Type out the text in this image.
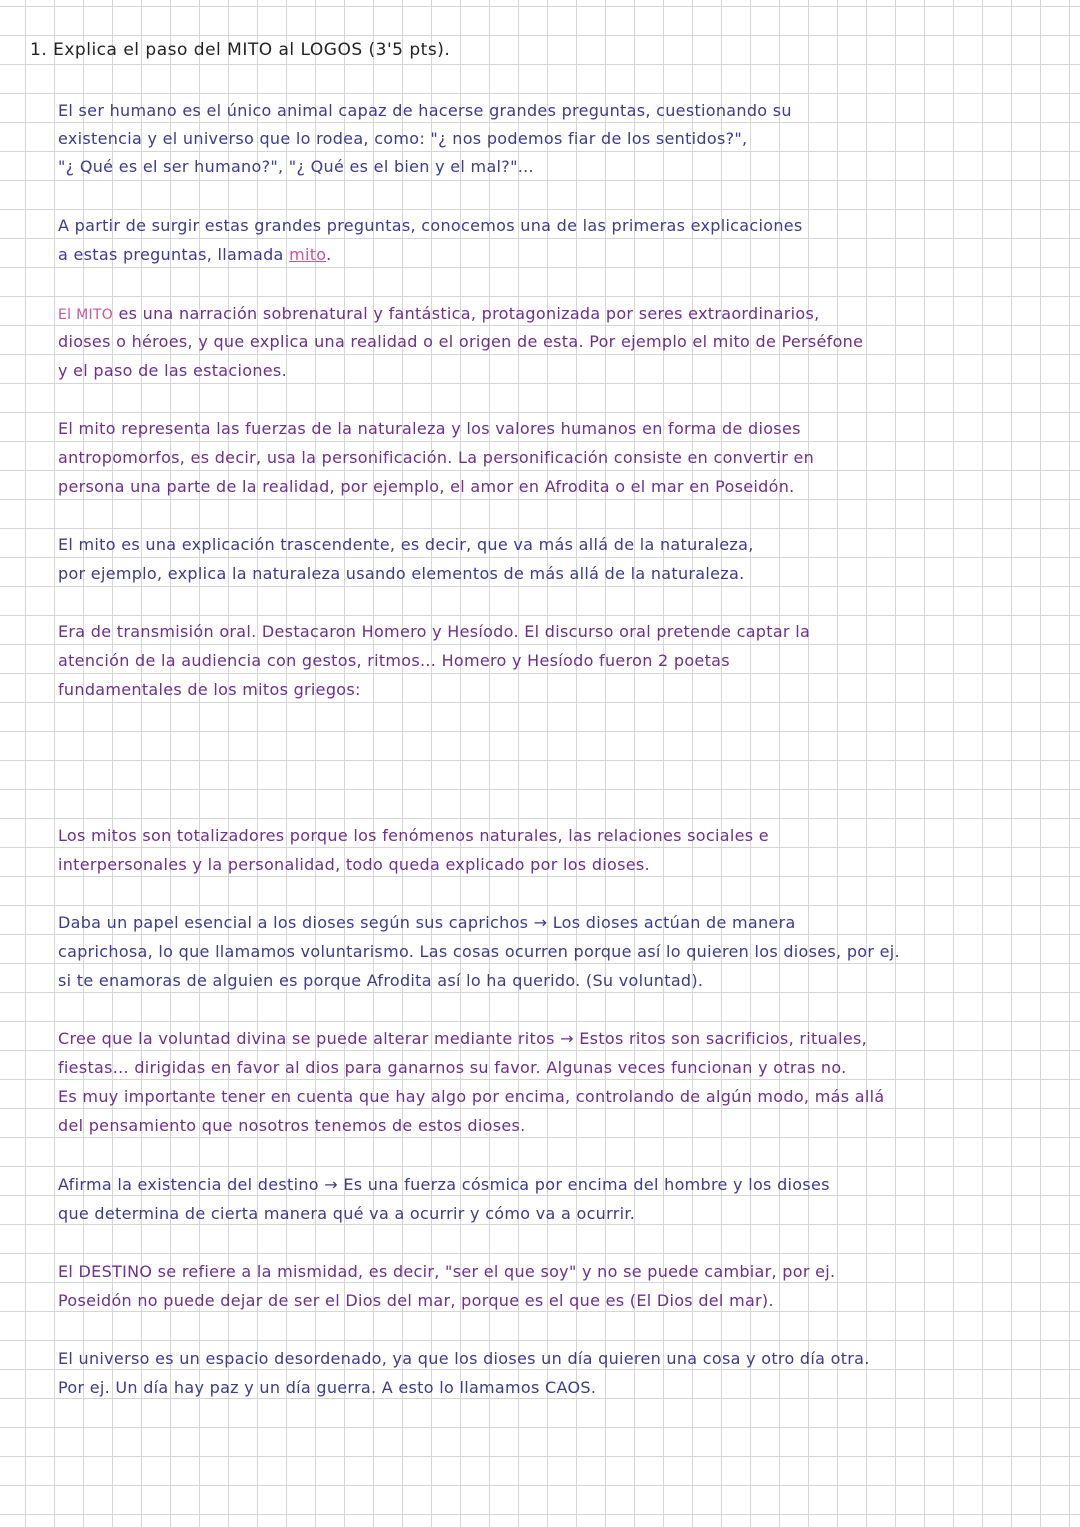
1. Explica el paso del MITO al LOGOS (3'5 pts).
El ser humano es el único animal capaz de hacerse grandes preguntas, cuestionando su
existencia y el universo que lo rodea, como: "¿ nos podemos fiar de los sentidos?",
"¿ Qué es el ser humano?", "¿ Qué es el bien y el mal?"...
A partir de surgir estas grandes preguntas, conocemos una de las primeras explicaciones
a estas preguntas, llamada mito.
El MITO es una narración sobrenatural y fantástica, protagonizada por seres extraordinarios,
dioses o héroes, y que explica una realidad o el origen de esta. Por ejemplo el mito de Perséfone
y el paso de las estaciones.
El mito representa las fuerzas de la naturaleza y los valores humanos en forma de dioses
antropomorfos, es decir, usa la personificación. La personificación consiste en convertir en
persona una parte de la realidad, por ejemplo, el amor en Afrodita o el mar en Poseidón.
El mito es una explicación trascendente, es decir, que va más allá de la naturaleza,
por ejemplo, explica la naturaleza usando elementos de más allá de la naturaleza.
Era de transmisión oral. Destacaron Homero y Hesíodo. El discurso oral pretende captar la
atención de la audiencia con gestos, ritmos... Homero y Hesíodo fueron 2 poetas
fundamentales de los mitos griegos:
Los mitos son totalizadores porque los fenómenos naturales, las relaciones sociales e
interpersonales y la personalidad, todo queda explicado por los dioses.
Daba un papel esencial a los dioses según sus caprichos → Los dioses actúan de manera
caprichosa, lo que llamamos voluntarismo. Las cosas ocurren porque así lo quieren los dioses, por ej.
si te enamoras de alguien es porque Afrodita así lo ha querido. (Su voluntad).
Cree que la voluntad divina se puede alterar mediante ritos → Estos ritos son sacrificios, rituales,
fiestas... dirigidas en favor al dios para ganarnos su favor. Algunas veces funcionan y otras no.
Es muy importante tener en cuenta que hay algo por encima, controlando de algún modo, más allá
del pensamiento que nosotros tenemos de estos dioses.
Afirma la existencia del destino → Es una fuerza cósmica por encima del hombre y los dioses
que determina de cierta manera qué va a ocurrir y cómo va a ocurrir.
El DESTINO se refiere a la mismidad, es decir, "ser el que soy" y no se puede cambiar, por ej.
Poseidón no puede dejar de ser el Dios del mar, porque es el que es (El Dios del mar).
El universo es un espacio desordenado, ya que los dioses un día quieren una cosa y otro día otra.
Por ej. Un día hay paz y un día guerra. A esto lo llamamos CAOS.
